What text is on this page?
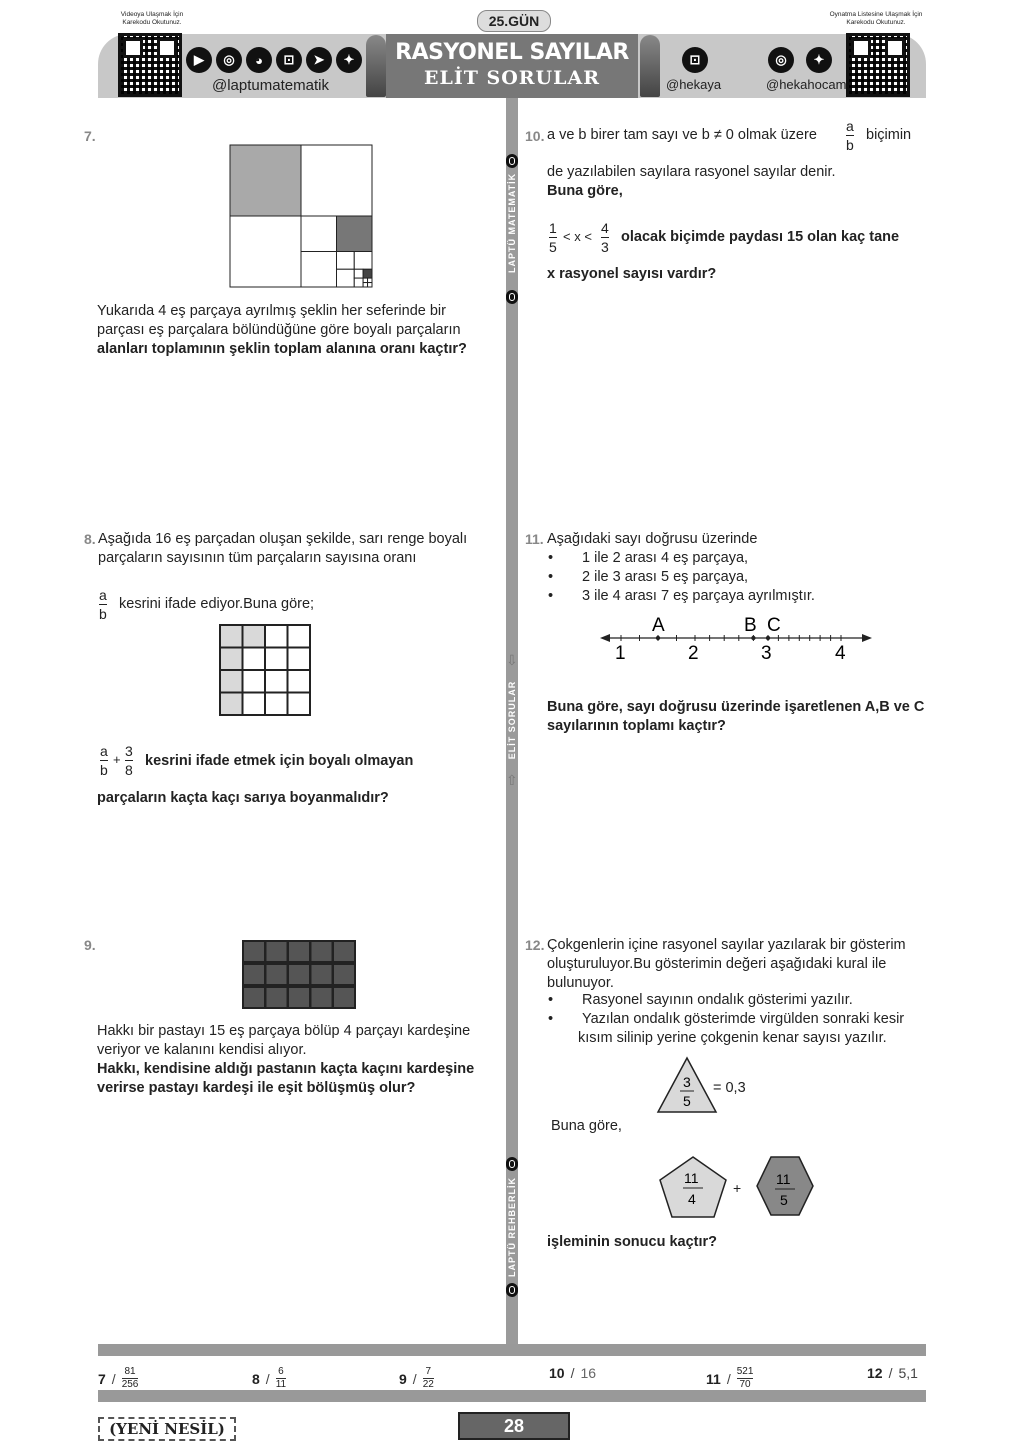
Videoya Ulaşmak İçin Karekodu Okutunuz.
Oynatma Listesine Ulaşmak İçin Karekodu Okutunuz.
25.GÜN
▶	◎	◕	⊡	➤	✦
@laptumatematik
RASYONEL SAYILAR
ELİT SORULAR
⊡
@hekaya
◎	✦
@hekahocam
LAPTÜ MATEMATİK
⇩
ELİT SORULAR
⇧
LAPTÜ REHBERLİK
7.
Yukarıda 4 eş parçaya ayrılmış şeklin her seferinde bir parçası eş parçalara bölündüğüne göre boyalı parçaların alanları toplamının şeklin toplam alanına oranı kaçtır?
8. Aşağıda 16 eş parçadan oluşan şekilde, sarı renge boyalı parçaların sayısının tüm parçaların sayısına oranı
a
b
kesrini ifade ediyor.Buna göre;
a
b
+
3
8
kesrini ifade etmek için boyalı olmayan
parçaların kaçta kaçı sarıya boyanmalıdır?
9.
Hakkı bir pastayı 15 eş parçaya bölüp 4 parçayı kardeşine veriyor ve kalanını kendisi alıyor.
Hakkı, kendisine aldığı pastanın kaçta kaçını kardeşine verirse pastayı kardeşi ile eşit bölüşmüş olur?
10. a ve b birer tam sayı ve b ≠ 0 olmak üzere
a
b
biçimin
de yazılabilen sayılara rasyonel sayılar denir.
Buna göre,
1
5
< x <
4
3
olacak biçimde paydası 15 olan kaç tane
x rasyonel sayısı vardır?
11. Aşağıdaki sayı doğrusu üzerinde
• 1 ile 2 arası 4 eş parçaya,
• 2 ile 3 arası 5 eş parçaya,
• 3 ile 4 arası 7 eş parçaya ayrılmıştır.
A	B C
1	2	3	4
Buna göre, sayı doğrusu üzerinde işaretlenen A,B ve C sayılarının toplamı kaçtır?
12. Çokgenlerin içine rasyonel sayılar yazılarak bir gösterim oluşturuluyor.Bu gösterimin değeri aşağıdaki kural ile bulunuyor.
• Rasyonel sayının ondalık gösterimi yazılır.
• Yazılan ondalık gösterimde virgülden sonraki kesir kısım silinip yerine çokgenin kenar sayısı yazılır.
3
5
= 0,3
Buna göre,
11
4
+
11
5
işleminin sonucu kaçtır?
7 / 81
256	8 / 6
11	9 / 7
22
10 / 16	11 / 521
70
12 / 5,1
(YENİ NESİL)	28
